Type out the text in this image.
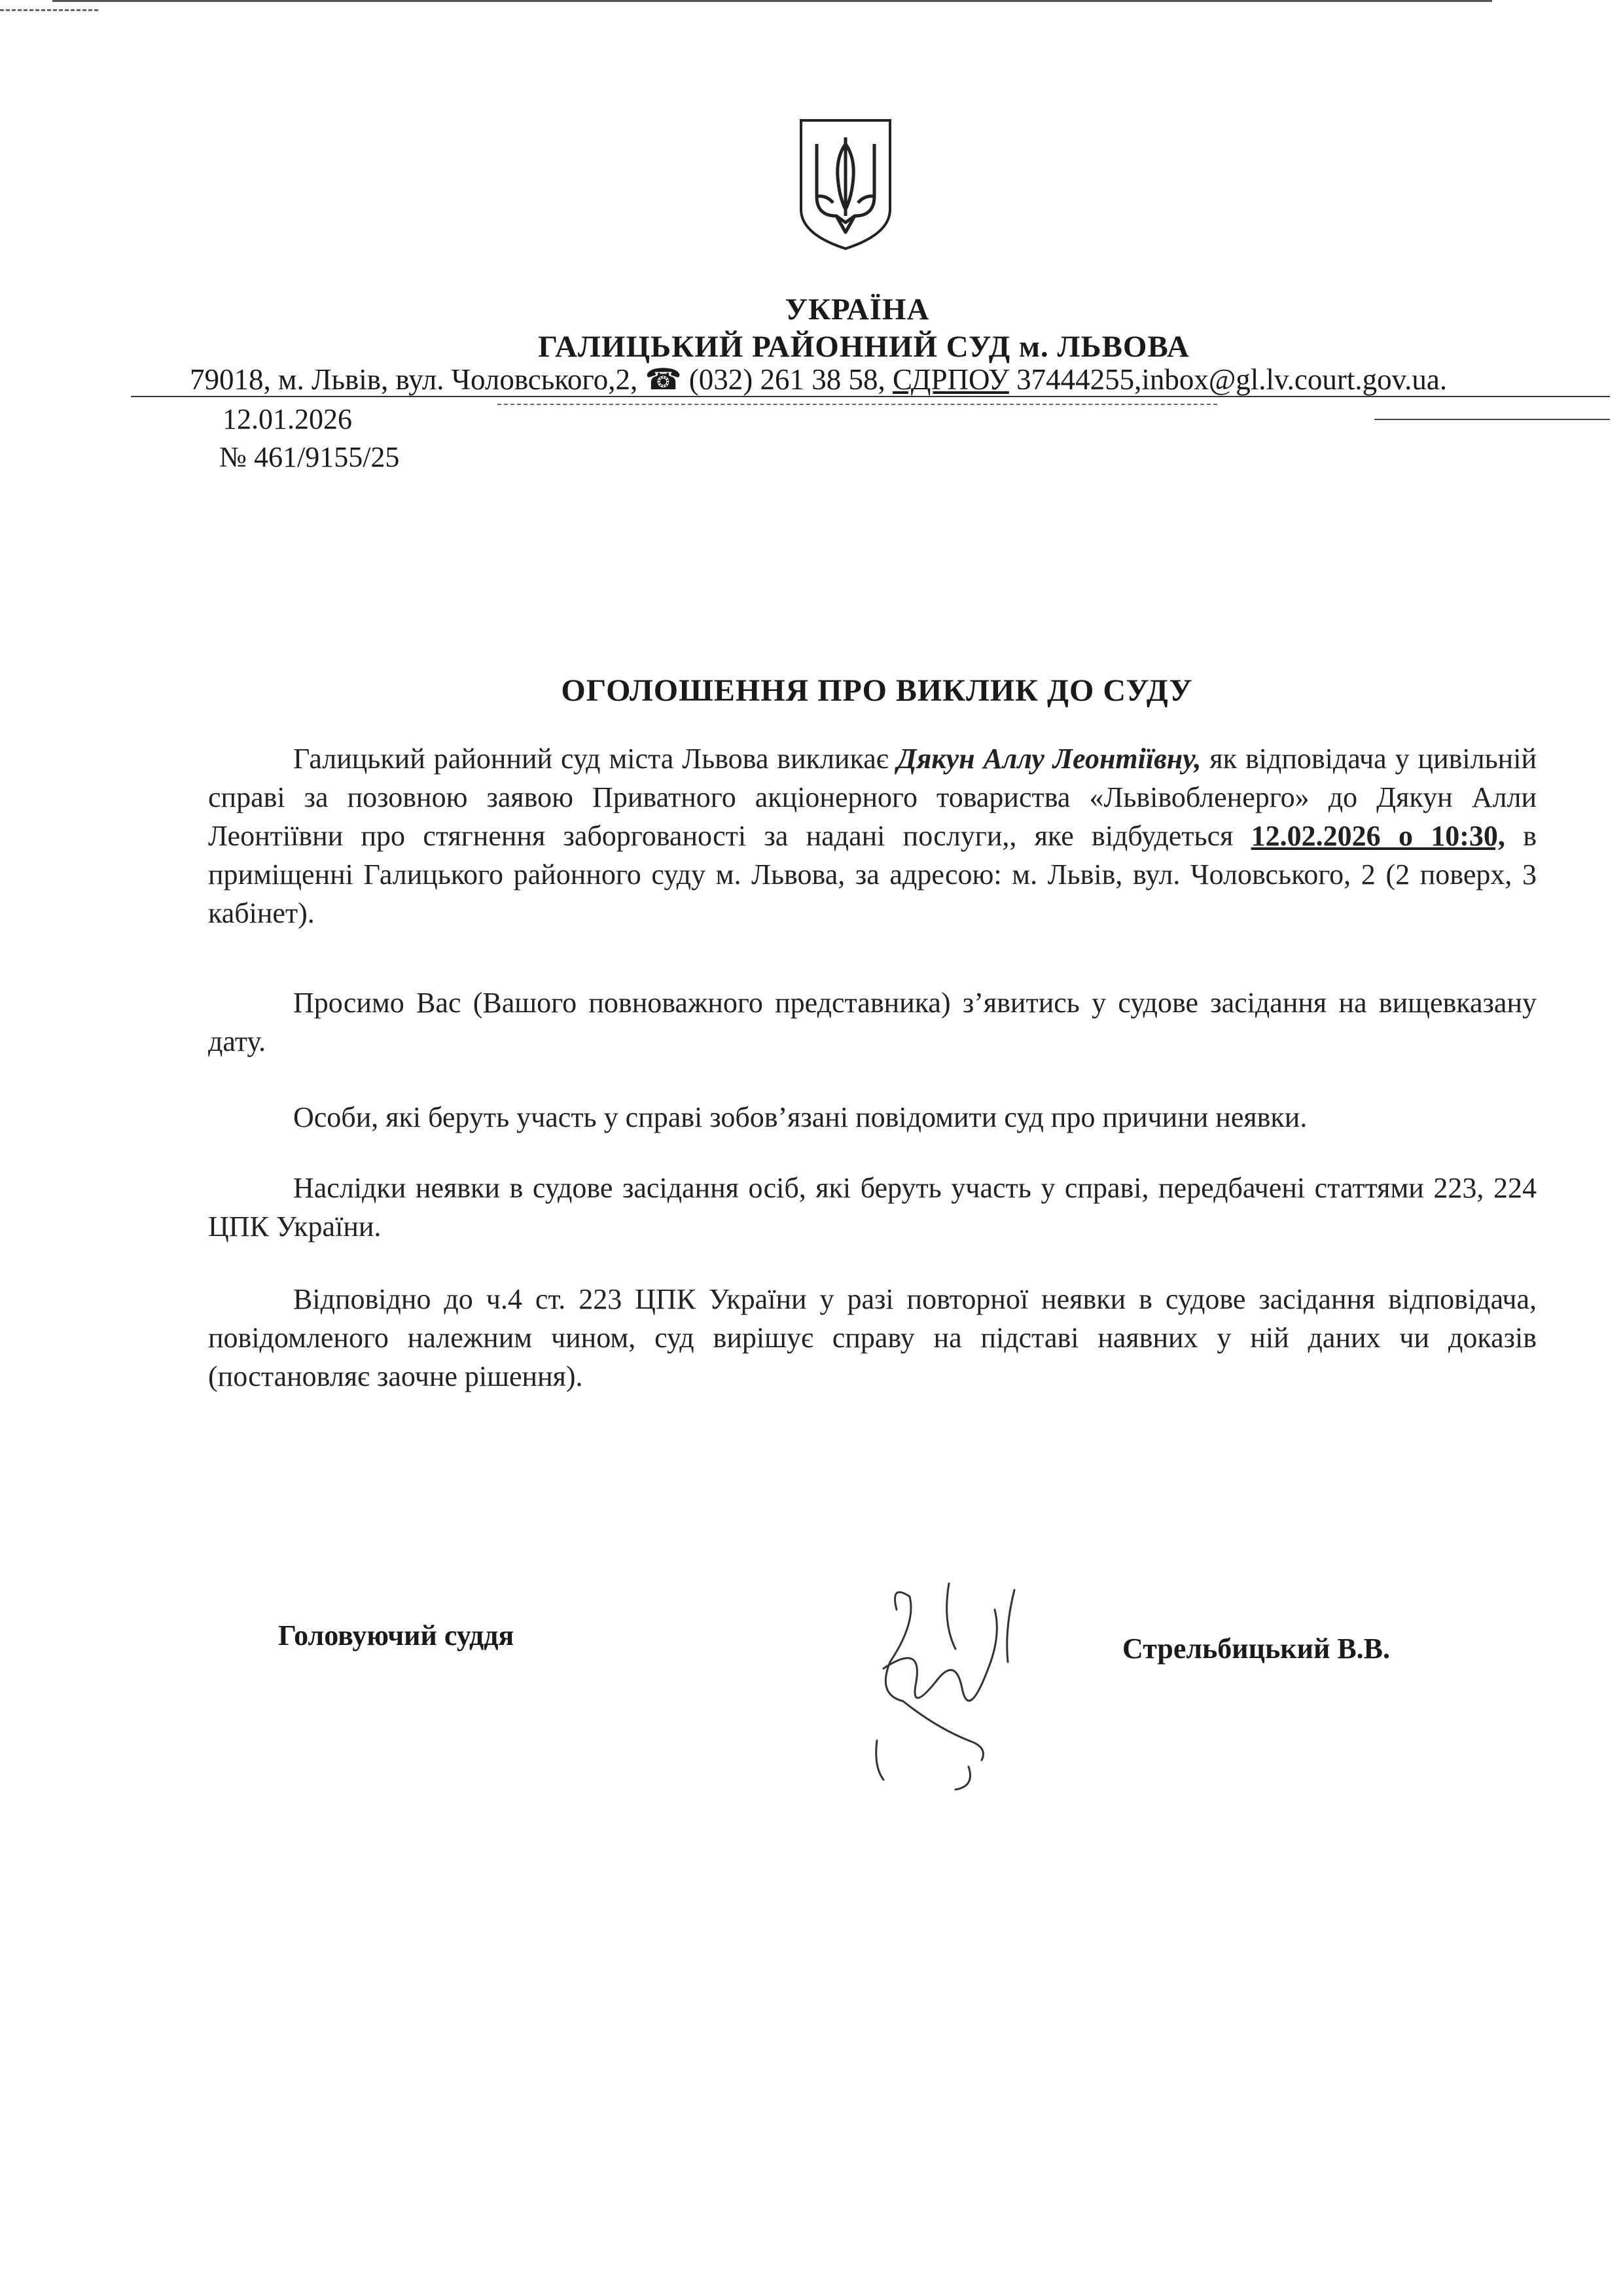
УКРАЇНА
ГАЛИЦЬКИЙ РАЙОННИЙ СУД м. ЛЬВОВА
79018, м. Львів, вул. Чоловського,2, ☎ (032) 261 38 58, СДРПОУ 37444255,inbox@gl.lv.court.gov.ua.
12.01.2026
№ 461/9155/25
ОГОЛОШЕННЯ ПРО ВИКЛИК ДО СУДУ
Галицький районний суд міста Львова викликає Дякун Аллу Леонтіївну, як відповідача у цивільній справі за позовною заявою Приватного акціонерного товариства «Львівобленерго» до Дякун Алли Леонтіївни про стягнення заборгованості за надані послуги,, яке відбудеться 12.02.2026 о 10:30, в приміщенні Галицького районного суду м. Львова, за адресою: м. Львів, вул. Чоловського, 2 (2 поверх, 3 кабінет).
Просимо Вас (Вашого повноважного представника) з’явитись у судове засідання на вищевказану дату.
Особи, які беруть участь у справі зобов’язані повідомити суд про причини неявки.
Наслідки неявки в судове засідання осіб, які беруть участь у справі, передбачені статтями 223, 224 ЦПК України.
Відповідно до ч.4 ст. 223 ЦПК України у разі повторної неявки в судове засідання відповідача, повідомленого належним чином, суд вирішує справу на підставі наявних у ній даних чи доказів (постановляє заочне рішення).
Головуючий суддя	Стрельбицький В.В.
